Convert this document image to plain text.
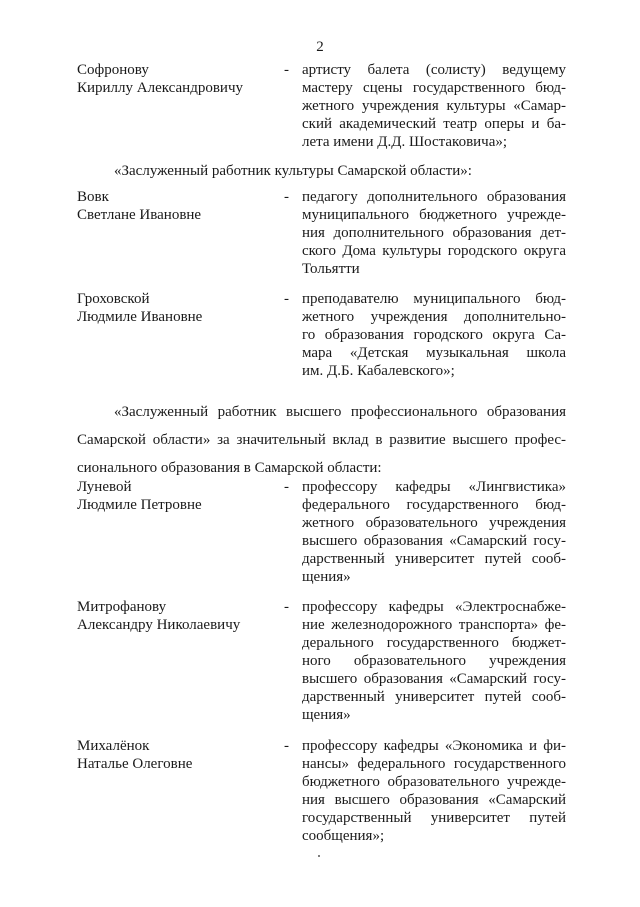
2
Софронову
Кириллу Александровичу
- артисту балета (солисту) ведущему
мастеру сцены государственного бюд-
жетного учреждения культуры «Самар-
ский академический театр оперы и ба-
лета имени Д.Д. Шостаковича»;
«Заслуженный работник культуры Самарской области»:
Вовк
Светлане Ивановне
- педагогу дополнительного образования
муниципального бюджетного учрежде-
ния дополнительного образования дет-
ского Дома культуры городского округа
Тольятти
Гроховской
Людмиле Ивановне
- преподавателю муниципального бюд-
жетного учреждения дополнительно-
го образования городского округа Са-
мара «Детская музыкальная школа
им. Д.Б. Кабалевского»;
«Заслуженный работник высшего профессионального образования
Самарской области» за значительный вклад в развитие высшего профес-
сионального образования в Самарской области:
Луневой
Людмиле Петровне
- профессору кафедры «Лингвистика»
федерального государственного бюд-
жетного образовательного учреждения
высшего образования «Самарский госу-
дарственный университет путей сооб-
щения»
Митрофанову
Александру Николаевичу
- профессору кафедры «Электроснабже-
ние железнодорожного транспорта» фе-
дерального государственного бюджет-
ного образовательного учреждения
высшего образования «Самарский госу-
дарственный университет путей сооб-
щения»
Михалёнок
Наталье Олеговне
- профессору кафедры «Экономика и фи-
нансы» федерального государственного
бюджетного образовательного учрежде-
ния высшего образования «Самарский
государственный университет путей
сообщения»;
